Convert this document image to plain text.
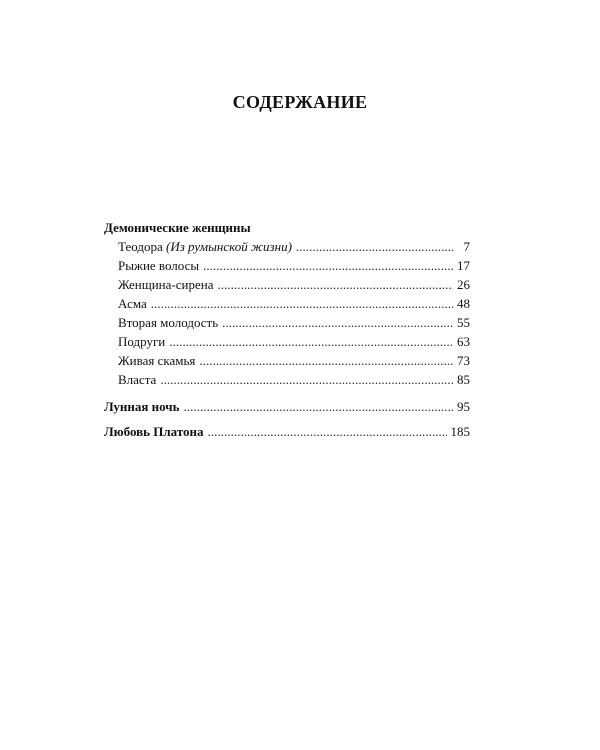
СОДЕРЖАНИЕ
Демонические женщины
Теодора (Из румынской жизни) . . .	7
Рыжие волосы . . .	17
Женщина-сирена . . .	26
Асма . . .	48
Вторая молодость . . .	55
Подруги . . .	63
Живая скамья . . .	73
Власта . . .	85
Лунная ночь . . .	95
Любовь Платона . . .	185
